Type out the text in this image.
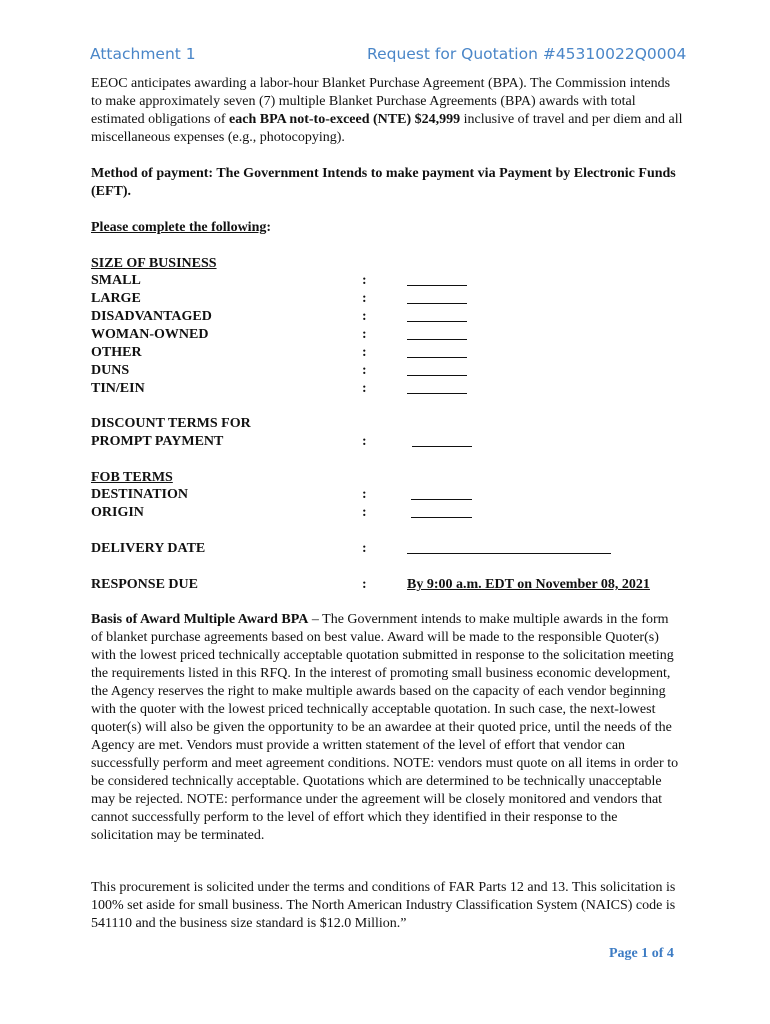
Attachment 1	Request for Quotation #45310022Q0004
EEOC anticipates awarding a labor-hour Blanket Purchase Agreement (BPA). The Commission intends to make approximately seven (7) multiple Blanket Purchase Agreements (BPA) awards with total estimated obligations of each BPA not-to-exceed (NTE) $24,999 inclusive of travel and per diem and all miscellaneous expenses (e.g., photocopying).
Method of payment: The Government Intends to make payment via Payment by Electronic Funds (EFT).
Please complete the following:
SIZE OF BUSINESS
SMALL	:
LARGE	:
DISADVANTAGED	:
WOMAN-OWNED	:
OTHER	:
DUNS	:
TIN/EIN	:
DISCOUNT TERMS FOR
PROMPT PAYMENT	:
FOB TERMS
DESTINATION	:
ORIGIN	:
DELIVERY DATE	:
RESPONSE DUE	:	By 9:00 a.m. EDT on November 08, 2021
Basis of Award Multiple Award BPA – The Government intends to make multiple awards in the form of blanket purchase agreements based on best value. Award will be made to the responsible Quoter(s) with the lowest priced technically acceptable quotation submitted in response to the solicitation meeting the requirements listed in this RFQ. In the interest of promoting small business economic development, the Agency reserves the right to make multiple awards based on the capacity of each vendor beginning with the quoter with the lowest priced technically acceptable quotation. In such case, the next-lowest quoter(s) will also be given the opportunity to be an awardee at their quoted price, until the needs of the Agency are met. Vendors must provide a written statement of the level of effort that vendor can successfully perform and meet agreement conditions. NOTE: vendors must quote on all items in order to be considered technically acceptable. Quotations which are determined to be technically unacceptable may be rejected. NOTE: performance under the agreement will be closely monitored and vendors that cannot successfully perform to the level of effort which they identified in their response to the solicitation may be terminated.
This procurement is solicited under the terms and conditions of FAR Parts 12 and 13. This solicitation is 100% set aside for small business. The North American Industry Classification System (NAICS) code is 541110 and the business size standard is $12.0 Million.”
Page 1 of 4
